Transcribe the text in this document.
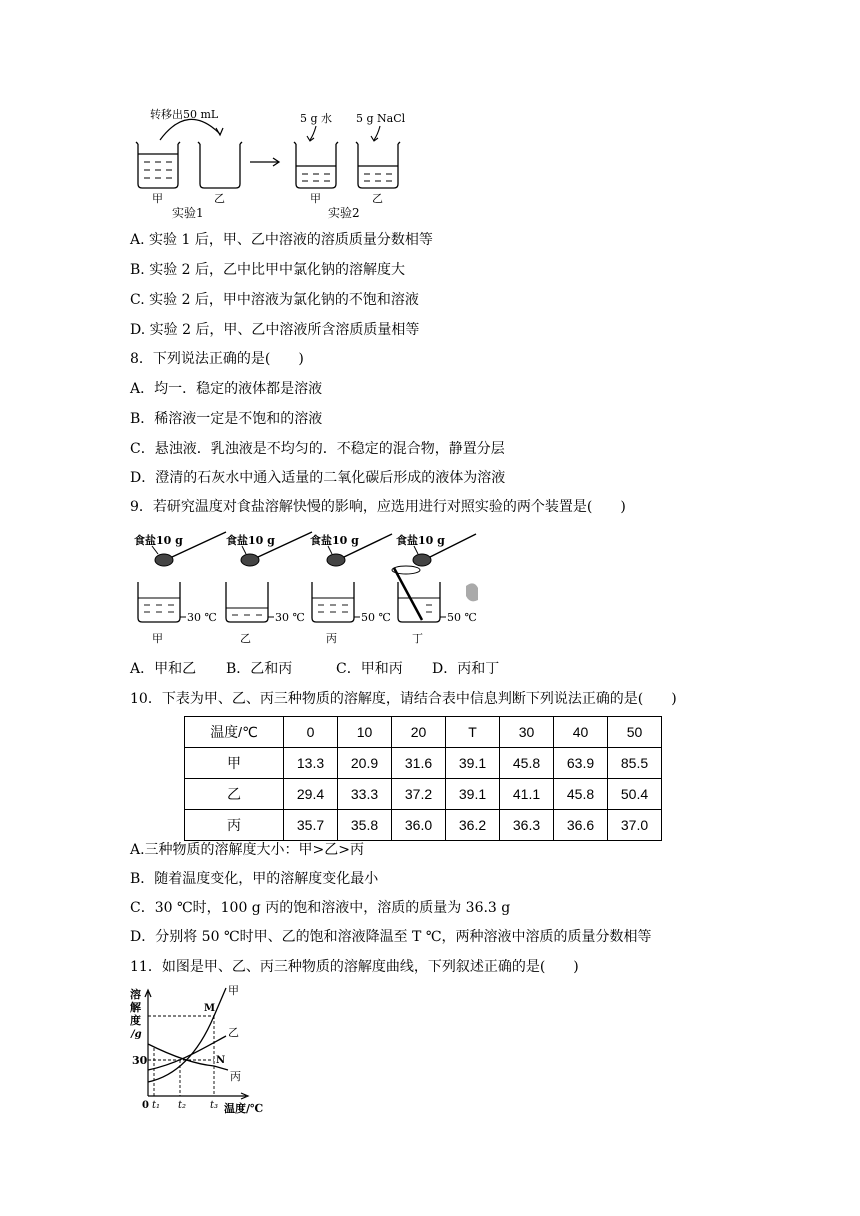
转移出50 mL
甲	乙
实验1
5 g 水
甲
5 g NaCl
乙
实验2
A. 实验 1 后，甲、乙中溶液的溶质质量分数相等
B. 实验 2 后，乙中比甲中氯化钠的溶解度大
C. 实验 2 后，甲中溶液为氯化钠的不饱和溶液
D. 实验 2 后，甲、乙中溶液所含溶质质量相等
8．下列说法正确的是(　　)
A．均一．稳定的液体都是溶液
B．稀溶液一定是不饱和的溶液
C．悬浊液．乳浊液是不均匀的．不稳定的混合物，静置分层
D．澄清的石灰水中通入适量的二氧化碳后形成的液体为溶液
9．若研究温度对食盐溶解快慢的影响，应选用进行对照实验的两个装置是(　　)
食盐10 g
30 ℃
甲
食盐10 g
30 ℃
乙
食盐10 g
50 ℃
丙
食盐10 g
50 ℃
丁
A．甲和乙 B．乙和丙	C．甲和丙 D．丙和丁
10．下表为甲、乙、丙三种物质的溶解度，请结合表中信息判断下列说法正确的是(　　)
温度/℃	0	10	20	T	30	40	50
甲	13.3	20.9	31.6	39.1	45.8	63.9	85.5
乙	29.4	33.3	37.2	39.1	41.1	45.8	50.4
丙	35.7	35.8	36.0	36.2	36.3	36.6	37.0
A.三种物质的溶解度大小：甲>乙>丙
B．随着温度变化，甲的溶解度变化最小
C．30 ℃时，100 g 丙的饱和溶液中，溶质的质量为 36.3 g
D．分别将 50 ℃时甲、乙的饱和溶液降温至 T ℃，两种溶液中溶质的质量分数相等
11．如图是甲、乙、丙三种物质的溶解度曲线，下列叙述正确的是(　　)
溶
解
度
/g
30
M
N
甲
乙
丙
0 t₁ t₂ t₃ 温度/℃
